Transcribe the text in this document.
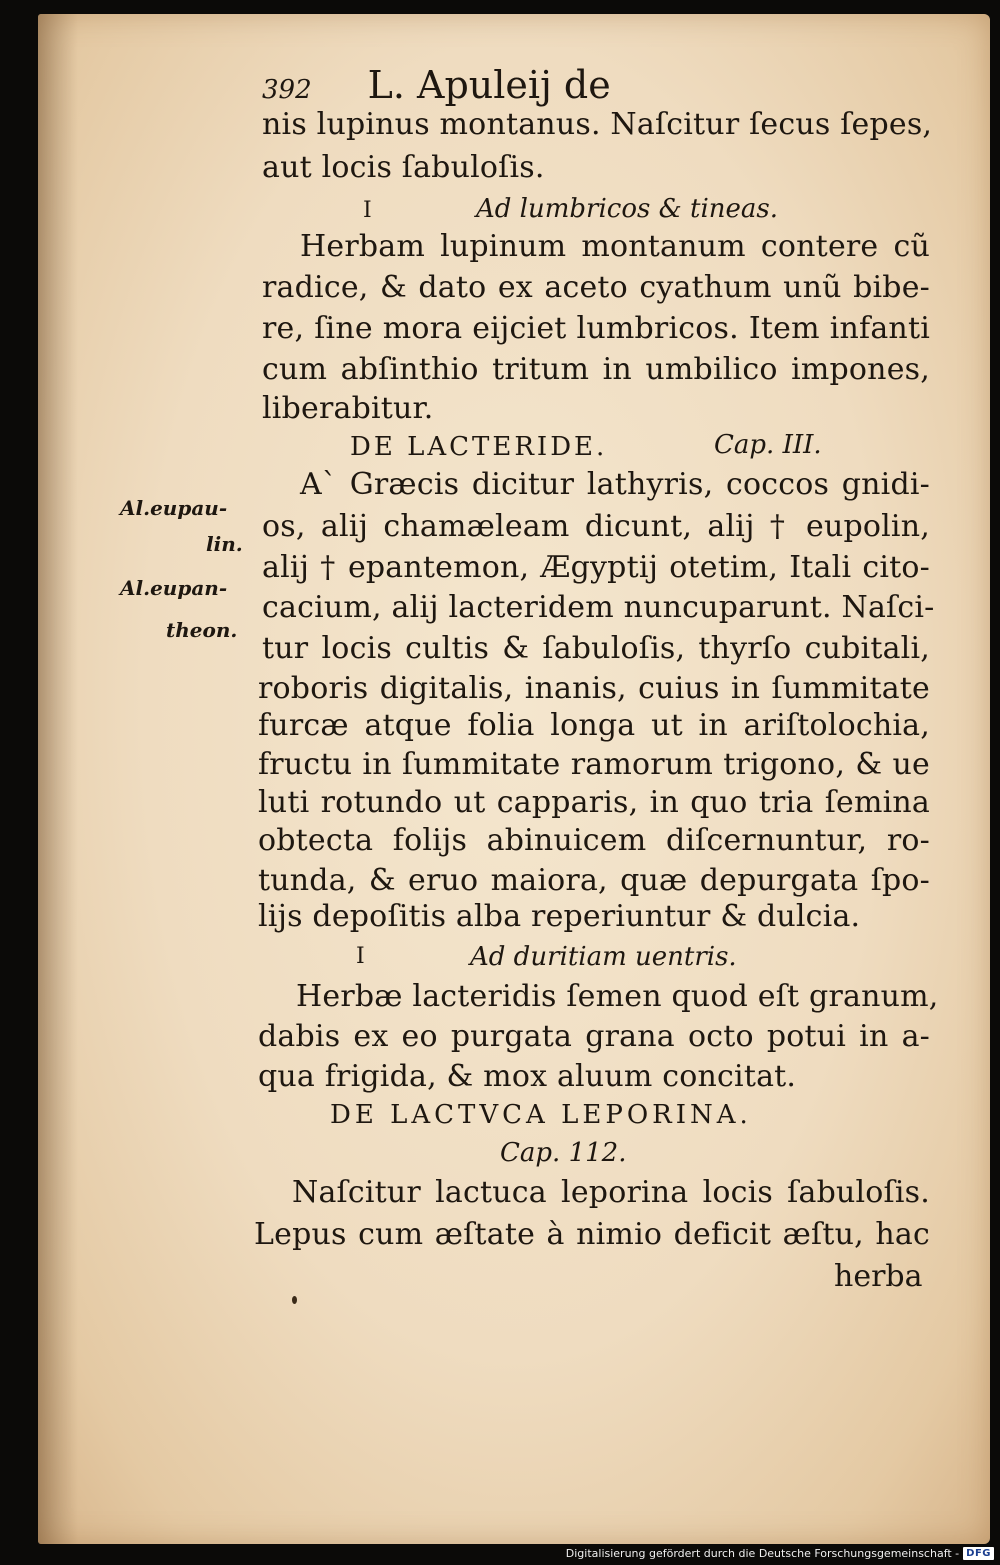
392 L. Apuleij de
nis lupinus montanus. Naſcitur ſecus ſepes,
aut locis ſabuloſis.
I	Ad lumbricos & tineas.
Herbam lupinum montanum contere cũ
radice, & dato ex aceto cyathum unũ bibe-
re, ſine mora eijciet lumbricos. Item infanti
cum abſinthio tritum in umbilico impones,
liberabitur.
DE LACTERIDE.	Cap. III.
Al.eupau-
lin.
Al.eupan-
theon.
A` Græcis dicitur lathyris, coccos gnidi-
os, alij chamæleam dicunt, alij † eupolin,
alij † epantemon, Ægyptij otetim, Itali cito-
cacium, alij lacteridem nuncuparunt. Naſci-
tur locis cultis & ſabuloſis, thyrſo cubitali,
roboris digitalis, inanis, cuius in ſummitate
furcæ atque folia longa ut in ariſtolochia,
fructu in ſummitate ramorum trigono, & ue
luti rotundo ut capparis, in quo tria ſemina
obtecta folijs abinuicem diſcernuntur, ro-
tunda, & eruo maiora, quæ depurgata ſpo-
lijs depoſitis alba reperiuntur & dulcia.
I	Ad duritiam uentris.
Herbæ lacteridis ſemen quod eſt granum,
dabis ex eo purgata grana octo potui in a-
qua frigida, & mox aluum concitat.
DE LACTVCA LEPORINA.
Cap. 112.
Naſcitur lactuca leporina locis ſabuloſis.
Lepus cum æſtate à nimio deficit æſtu, hac
herba
Digitalisierung gefördert durch die Deutsche Forschungsgemeinschaft - DFG
